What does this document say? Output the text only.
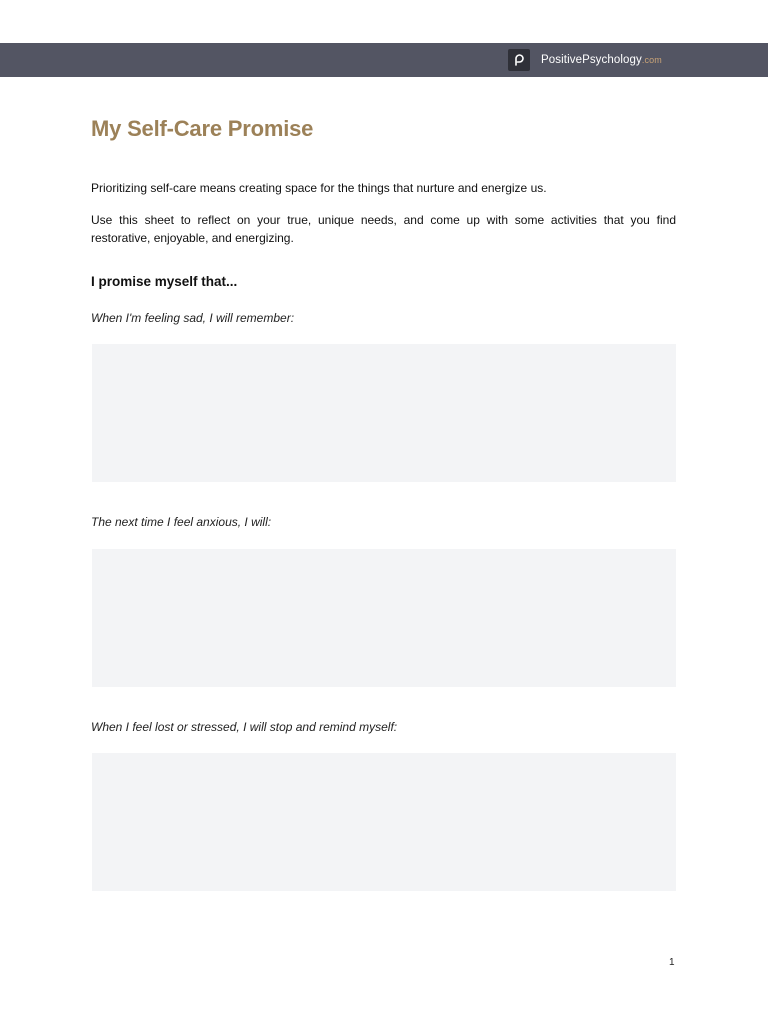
PositivePsychology.com
My Self-Care Promise

Prioritizing self-care means creating space for the things that nurture and energize us.

Use this sheet to reflect on your true, unique needs, and come up with some activities that you find restorative, enjoyable, and energizing.

I promise myself that...

When I'm feeling sad, I will remember:

The next time I feel anxious, I will:

When I feel lost or stressed, I will stop and remind myself:

1
